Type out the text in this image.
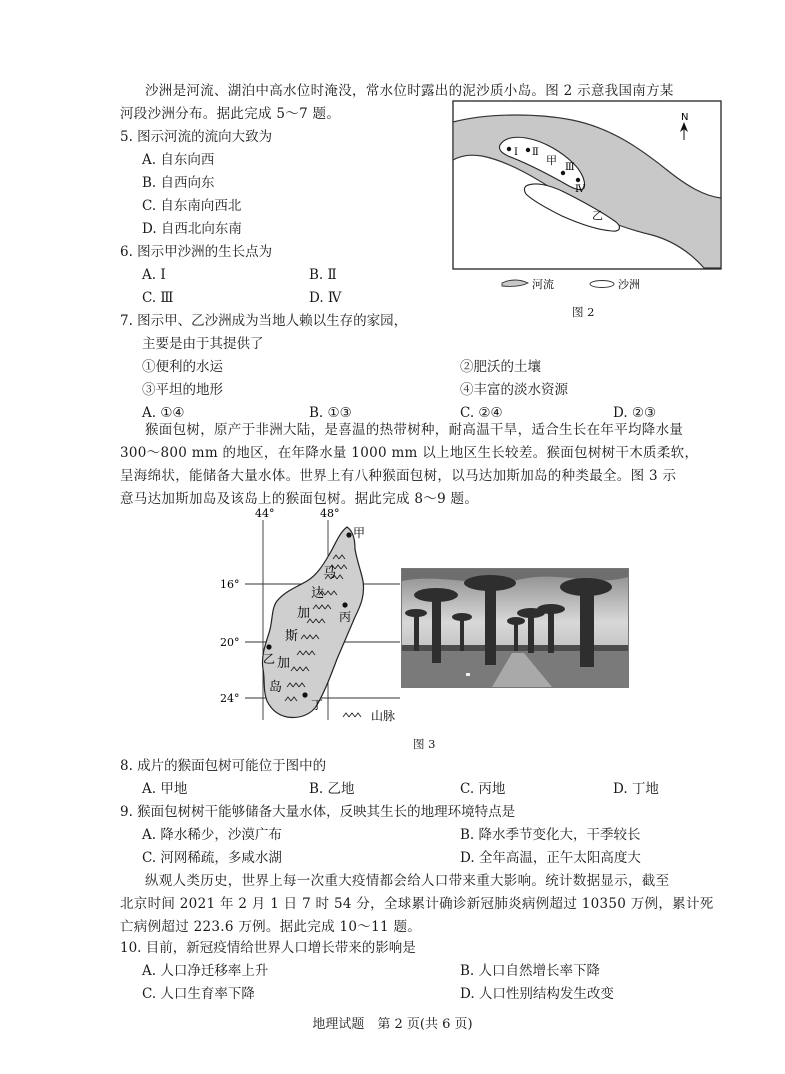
沙洲是河流、湖泊中高水位时淹没，常水位时露出的泥沙质小岛。图 2 示意我国南方某
河段沙洲分布。据此完成 5～7 题。
5. 图示河流的流向大致为
A. 自东向西
B. 自西向东
C. 自东南向西北
D. 自西北向东南
6. 图示甲沙洲的生长点为
A. Ⅰ	B. Ⅱ
C. Ⅲ	D. Ⅳ
7. 图示甲、乙沙洲成为当地人赖以生存的家园，
主要是由于其提供了
①便利的水运	②肥沃的土壤
③平坦的地形	④丰富的淡水资源
A. ①④	B. ①③	C. ②④	D. ②③
Ⅰ Ⅱ
甲
Ⅲ
Ⅳ
乙
N
河流	沙洲
图 2
猴面包树，原产于非洲大陆，是喜温的热带树种，耐高温干旱，适合生长在年平均降水量
300～800 mm 的地区，在年降水量 1000 mm 以上地区生长较差。猴面包树树干木质柔软，
呈海绵状，能储备大量水体。世界上有八种猴面包树，以马达加斯加岛的种类最全。图 3 示
意马达加斯加岛及该岛上的猴面包树。据此完成 8～9 题。
44°	48°
16°
20°
24°
马
达
加
斯
加
岛
甲
丙
乙
丁
山脉
图 3
8. 成片的猴面包树可能位于图中的
A. 甲地	B. 乙地	C. 丙地	D. 丁地
9. 猴面包树树干能够储备大量水体，反映其生长的地理环境特点是
A. 降水稀少，沙漠广布	B. 降水季节变化大，干季较长
C. 河网稀疏，多咸水湖	D. 全年高温，正午太阳高度大
纵观人类历史，世界上每一次重大疫情都会给人口带来重大影响。统计数据显示，截至
北京时间 2021 年 2 月 1 日 7 时 54 分，全球累计确诊新冠肺炎病例超过 10350 万例，累计死
亡病例超过 223.6 万例。据此完成 10～11 题。
10. 目前，新冠疫情给世界人口增长带来的影响是
A. 人口净迁移率上升	B. 人口自然增长率下降
C. 人口生育率下降	D. 人口性别结构发生改变
地理试题　第 2 页(共 6 页)
